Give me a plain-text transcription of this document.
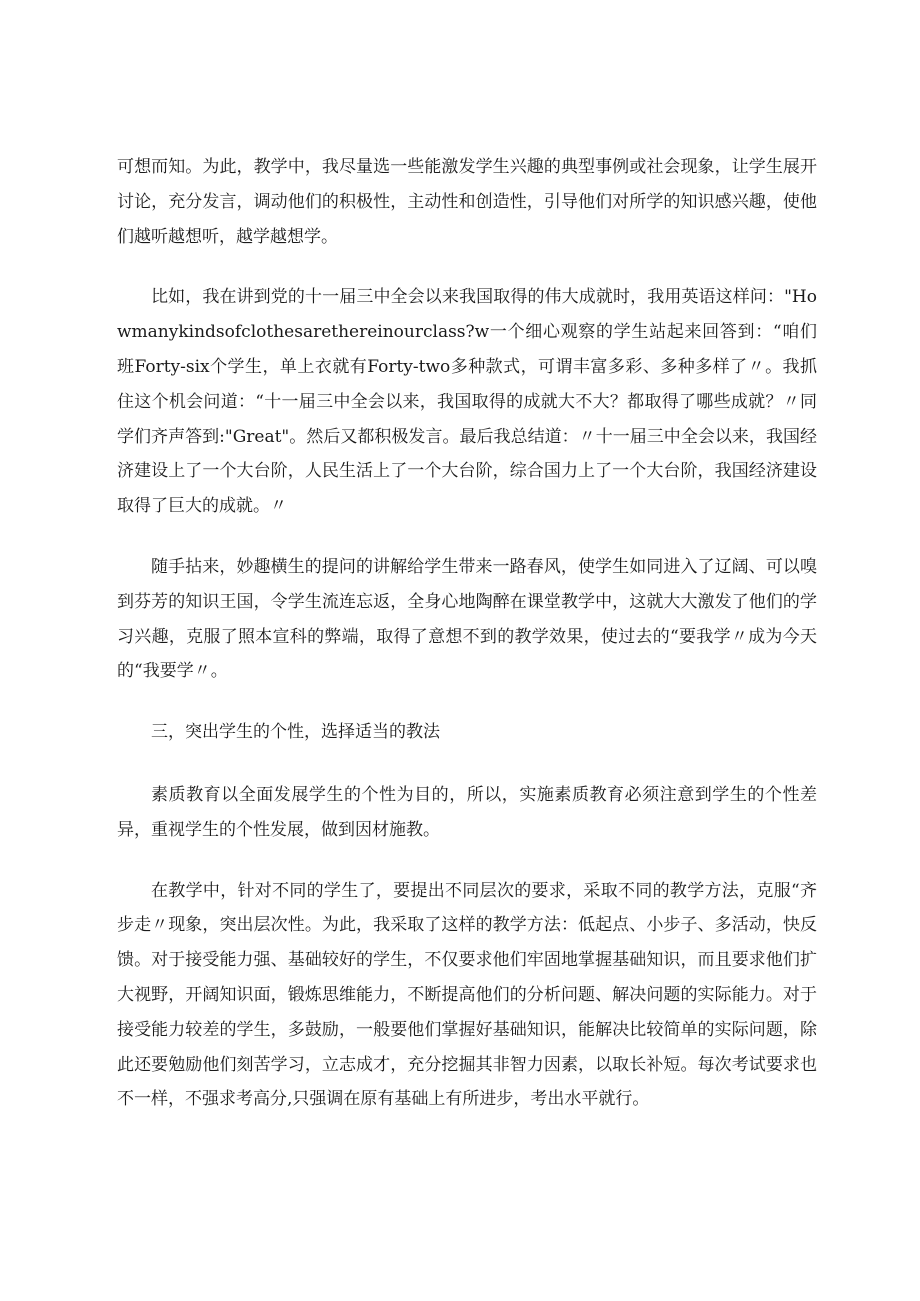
可想而知。为此，教学中，我尽量选一些能激发学生兴趣的典型事例或社会现象，让学生展开讨论，充分发言，调动他们的积极性，主动性和创造性，引导他们对所学的知识感兴趣，使他们越听越想听，越学越想学。

比如，我在讲到党的十一届三中全会以来我国取得的伟大成就时，我用英语这样问："Howmanykindsofclothesarethereinourclass?w一个细心观察的学生站起来回答到：“咱们班Forty-six个学生，单上衣就有Forty-two多种款式，可谓丰富多彩、多种多样了〃。我抓住这个机会问道：“十一届三中全会以来，我国取得的成就大不大？都取得了哪些成就？〃同学们齐声答到:"Great"。然后又都积极发言。最后我总结道：〃十一届三中全会以来，我国经济建设上了一个大台阶，人民生活上了一个大台阶，综合国力上了一个大台阶，我国经济建设取得了巨大的成就。〃

随手拈来，妙趣横生的提问的讲解给学生带来一路春风，使学生如同进入了辽阔、可以嗅到芬芳的知识王国，令学生流连忘返，全身心地陶醉在课堂教学中，这就大大激发了他们的学习兴趣，克服了照本宣科的弊端，取得了意想不到的教学效果，使过去的“要我学〃成为今天的“我要学〃。

三，突出学生的个性，选择适当的教法

素质教育以全面发展学生的个性为目的，所以，实施素质教育必须注意到学生的个性差异，重视学生的个性发展，做到因材施教。

在教学中，针对不同的学生了，要提出不同层次的要求，采取不同的教学方法，克服“齐步走〃现象，突出层次性。为此，我采取了这样的教学方法：低起点、小步子、多活动，快反馈。对于接受能力强、基础较好的学生，不仅要求他们牢固地掌握基础知识，而且要求他们扩大视野，开阔知识面，锻炼思维能力，不断提高他们的分析问题、解决问题的实际能力。对于接受能力较差的学生，多鼓励，一般要他们掌握好基础知识，能解决比较简单的实际问题，除此还要勉励他们刻苦学习，立志成才，充分挖掘其非智力因素，以取长补短。每次考试要求也不一样，不强求考高分,只强调在原有基础上有所进步，考出水平就行。
